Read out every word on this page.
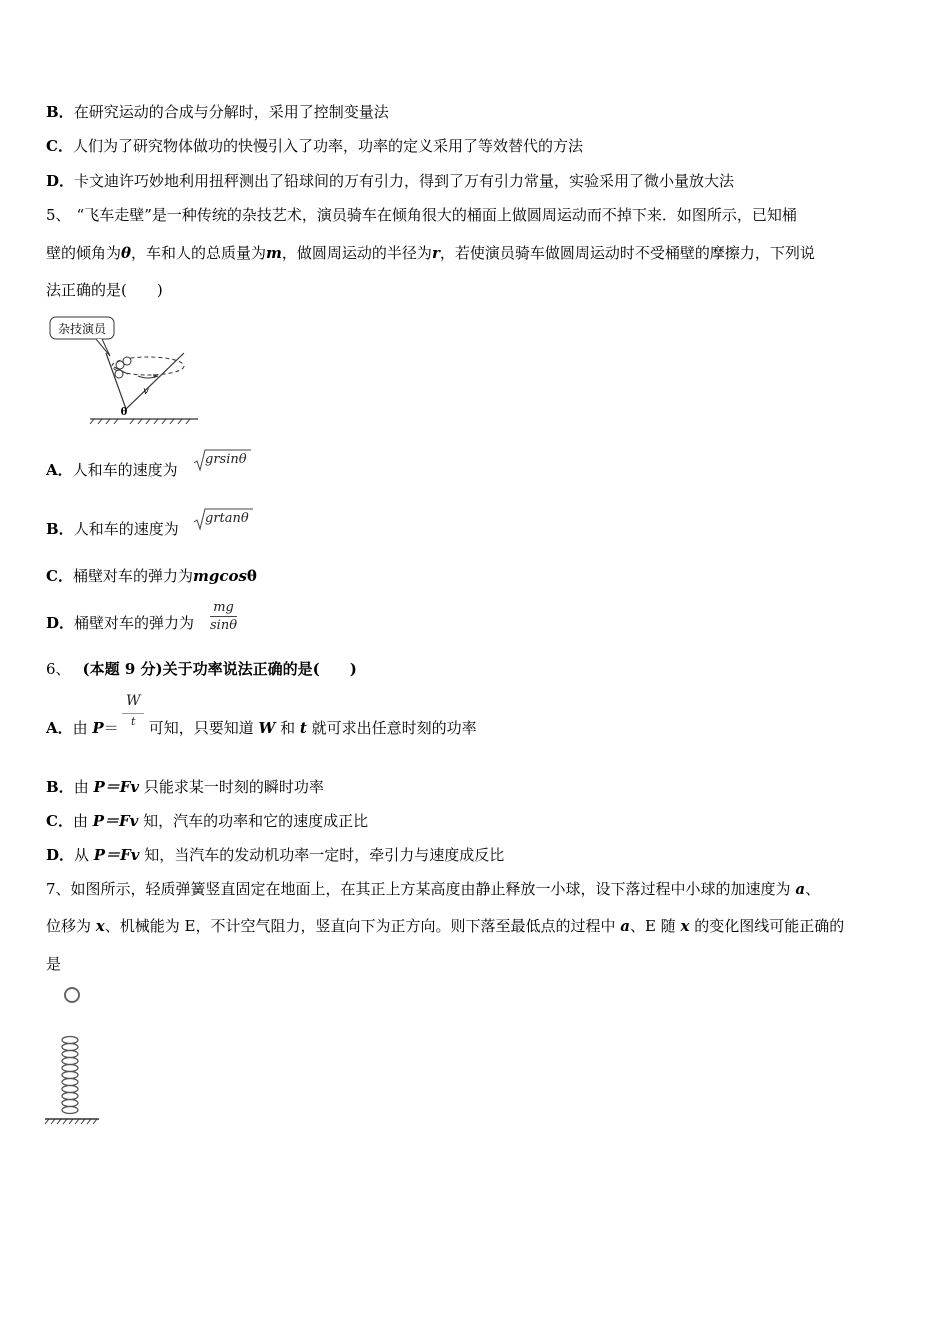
B．在研究运动的合成与分解时，采用了控制变量法
C．人们为了研究物体做功的快慢引入了功率，功率的定义采用了等效替代的方法
D．卡文迪许巧妙地利用扭秤测出了铅球间的万有引力，得到了万有引力常量，实验采用了微小量放大法
5、 “飞车走壁”是一种传统的杂技艺术，演员骑车在倾角很大的桶面上做圆周运动而不掉下来．如图所示，已知桶
壁的倾角为θ，车和人的总质量为m，做圆周运动的半径为r，若使演员骑车做圆周运动时不受桶壁的摩擦力，下列说
法正确的是(　　)
杂技演员
v
θ
A．人和车的速度为
grsinθ
B．人和车的速度为
grtanθ
C．桶壁对车的弹力为mgcosθ
D．桶壁对车的弹力为 $\frac{mg}{\sin\theta}$
6、 (本题 9 分)关于功率说法正确的是(　　)
A．由 P＝ 可知，只要知道 W 和 t 就可求出任意时刻的功率
W
t
B．由 P＝Fv 只能求某一时刻的瞬时功率
C．由 P＝Fv 知，汽车的功率和它的速度成正比
D．从 P＝Fv 知，当汽车的发动机功率一定时，牵引力与速度成反比
7、如图所示，轻质弹簧竖直固定在地面上，在其正上方某高度由静止释放一小球，设下落过程中小球的加速度为 a、
位移为 x、机械能为 E，不计空气阻力，竖直向下为正方向。则下落至最低点的过程中 a、E 随 x 的变化图线可能正确的
是
